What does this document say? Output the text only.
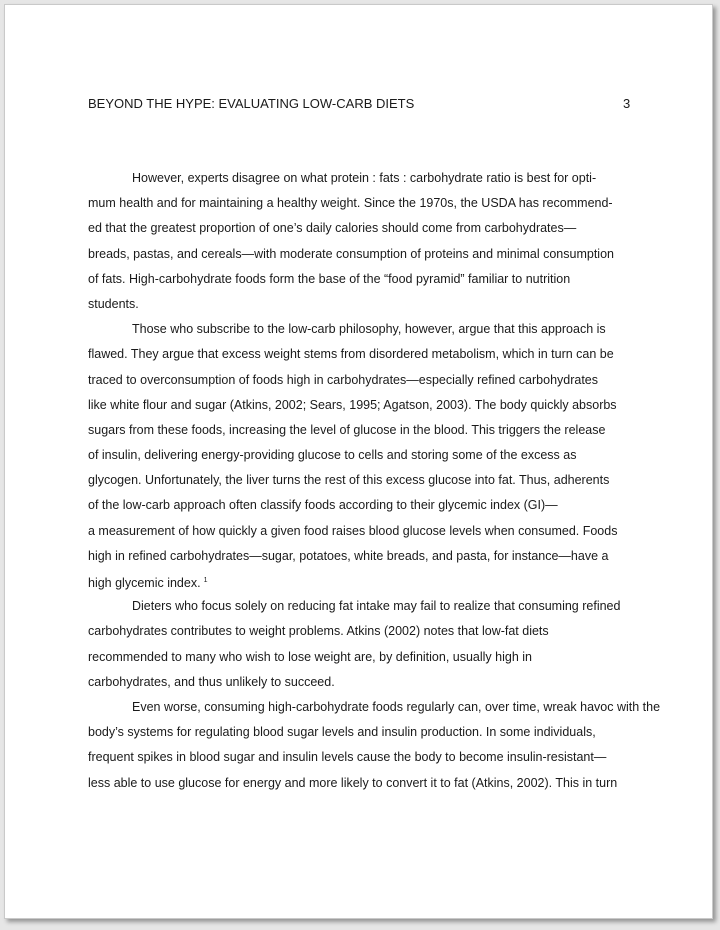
BEYOND THE HYPE: EVALUATING LOW-CARB DIETS	3
However, experts disagree on what protein : fats : carbohydrate ratio is best for opti-
mum health and for maintaining a healthy weight. Since the 1970s, the USDA has recommend-
ed that the greatest proportion of one’s daily calories should come from carbohydrates—
breads, pastas, and cereals—with moderate consumption of proteins and minimal consumption
of fats. High-carbohydrate foods form the base of the “food pyramid” familiar to nutrition
students.
Those who subscribe to the low-carb philosophy, however, argue that this approach is
flawed. They argue that excess weight stems from disordered metabolism, which in turn can be
traced to overconsumption of foods high in carbohydrates—especially refined carbohydrates
like white flour and sugar (Atkins, 2002; Sears, 1995; Agatson, 2003). The body quickly absorbs
sugars from these foods, increasing the level of glucose in the blood. This triggers the release
of insulin, delivering energy-providing glucose to cells and storing some of the excess as
glycogen. Unfortunately, the liver turns the rest of this excess glucose into fat. Thus, adherents
of the low-carb approach often classify foods according to their glycemic index (GI)—
a measurement of how quickly a given food raises blood glucose levels when consumed. Foods
high in refined carbohydrates—sugar, potatoes, white breads, and pasta, for instance—have a
high glycemic index. $^1$
Dieters who focus solely on reducing fat intake may fail to realize that consuming refined
carbohydrates contributes to weight problems. Atkins (2002) notes that low-fat diets
recommended to many who wish to lose weight are, by definition, usually high in
carbohydrates, and thus unlikely to succeed.
Even worse, consuming high-carbohydrate foods regularly can, over time, wreak havoc with the
body’s systems for regulating blood sugar levels and insulin production. In some individuals,
frequent spikes in blood sugar and insulin levels cause the body to become insulin-resistant—
less able to use glucose for energy and more likely to convert it to fat (Atkins, 2002). This in turn
